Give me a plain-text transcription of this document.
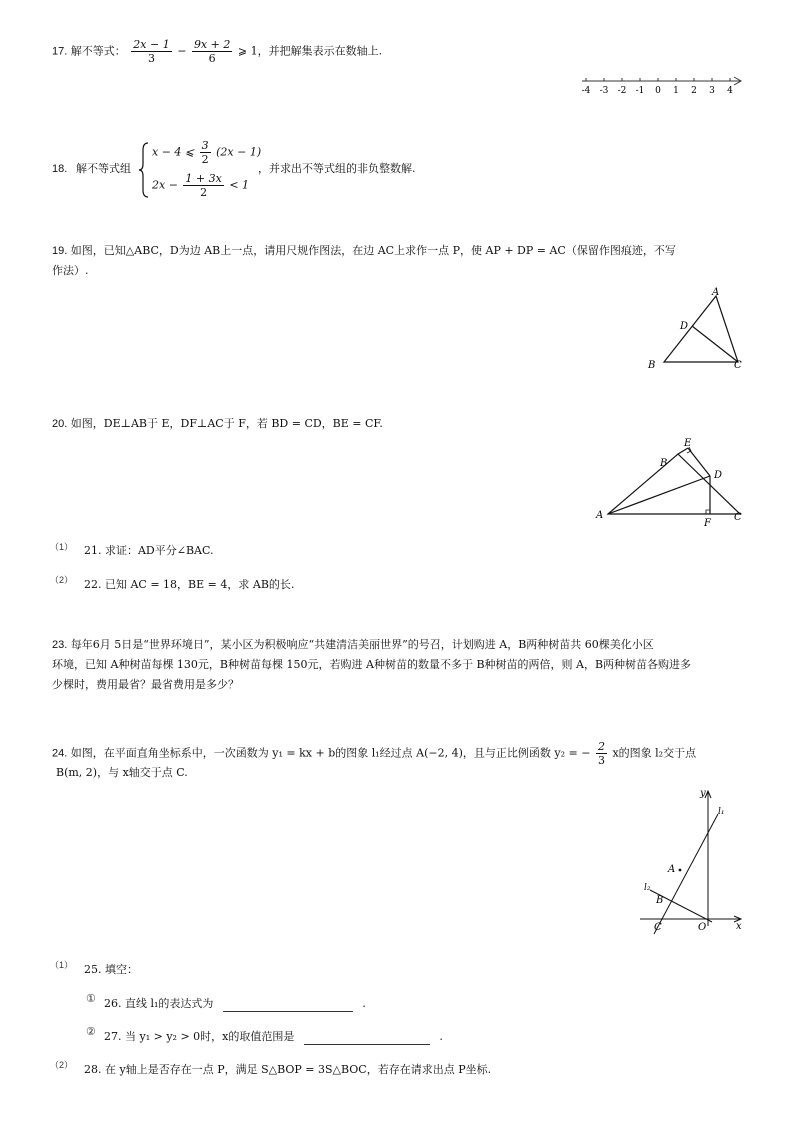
17. 解不等式： $\frac{2x - 1}{3} - \frac{9x + 2}{6}$ ⩾ 1，并把解集表示在数轴上.
-4 -3 -2 -1 0 1 2 3 4
18. 解不等式组
x − 4 ⩽ $\frac{3}{2} (2x - 1)$
$2x - \frac{1 + 3x}{2} < 1$
，并求出不等式组的非负整数解.
19. 如图，已知△ABC，D为边 AB上一点，请用尺规作图法，在边 AC上求作一点 P，使 AP + DP = AC（保留作图痕迹，不写
作法）.
A
D
B	C
20. 如图，DE⊥AB于 E，DF⊥AC于 F，若 BD = CD，BE = CF.
E
B
D
A
F
C
（1） 21. 求证：AD平分∠BAC.
（2） 22. 已知 AC = 18，BE = 4，求 AB的长.
23. 每年6月 5日是“世界环境日”，某小区为积极响应“共建清洁美丽世界”的号召，计划购进 A，B两种树苗共 60棵美化小区
环境，已知 A种树苗每棵 130元，B种树苗每棵 150元，若购进 A种树苗的数量不多于 B种树苗的两倍，则 A，B两种树苗各购进多
少棵时，费用最省？最省费用是多少？
24. 如图，在平面直角坐标系中，一次函数为 y₁ = kx + b的图象 l₁经过点 A(−2, 4)，且与正比例函数 y₂ = − $\frac{2}{3}$ x的图象 l₂交于点
B(m, 2)，与 x轴交于点 C.
y
l₁
A
l₂
B
C	O	x
（1） 25. 填空：
① 26. 直线 l₁的表达式为	.
② 27. 当 y₁ > y₂ > 0时，x的取值范围是	.
（2） 28. 在 y轴上是否存在一点 P，满足 S△BOP = 3S△BOC，若存在请求出点 P坐标.
